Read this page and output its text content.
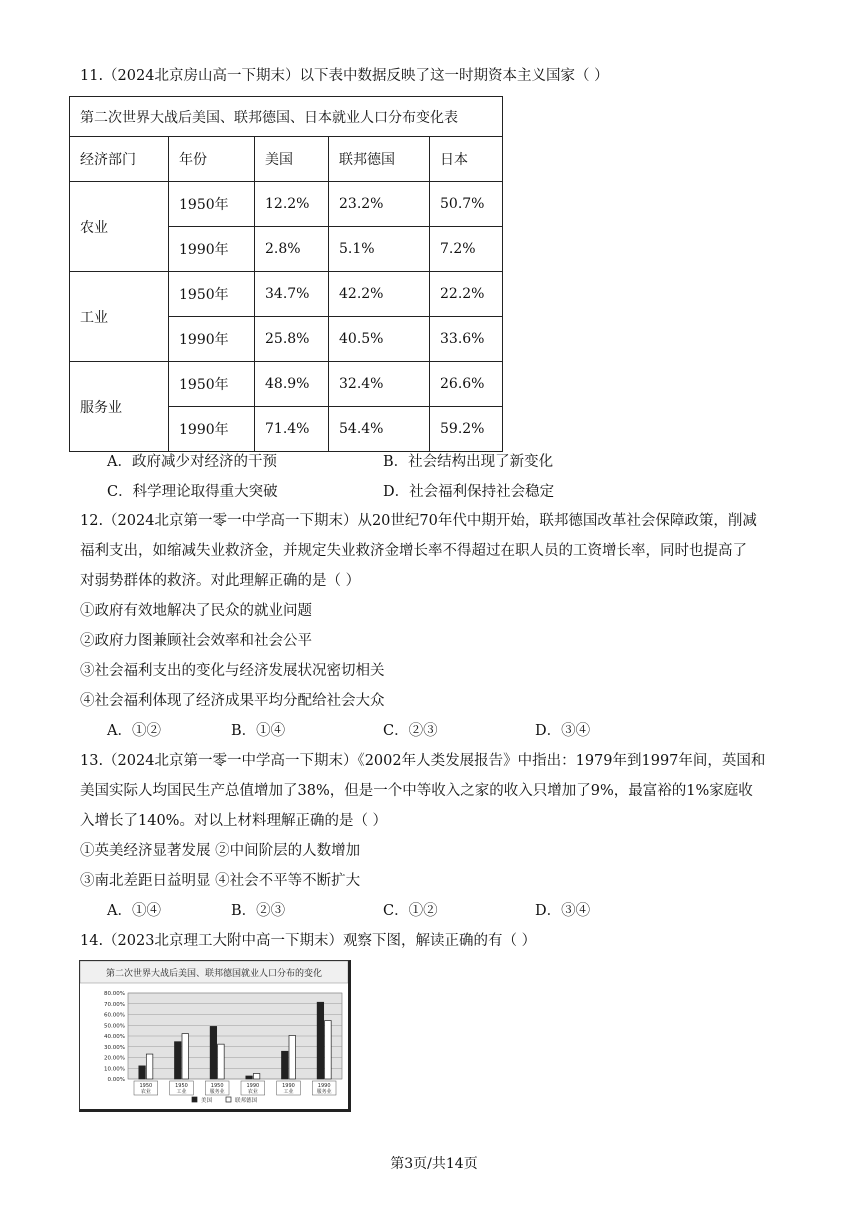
11.（2024北京房山高一下期末）以下表中数据反映了这一时期资本主义国家（ ）
第二次世界大战后美国、联邦德国、日本就业人口分布变化表				
经济部门	年份	美国	联邦德国	日本
农业	1950年	12.2%	23.2%	50.7%
	1990年	2.8%	5.1%	7.2%
工业	1950年	34.7%	42.2%	22.2%
	1990年	25.8%	40.5%	33.6%
服务业	1950年	48.9%	32.4%	26.6%
	1990年	71.4%	54.4%	59.2%
A．政府减少对经济的干预	B．社会结构出现了新变化
C．科学理论取得重大突破	D．社会福利保持社会稳定
12.（2024北京第一零一中学高一下期末）从20世纪70年代中期开始，联邦德国改革社会保障政策，削减
福利支出，如缩减失业救济金，并规定失业救济金增长率不得超过在职人员的工资增长率，同时也提高了
对弱势群体的救济。对此理解正确的是（ ）
①政府有效地解决了民众的就业问题
②政府力图兼顾社会效率和社会公平
③社会福利支出的变化与经济发展状况密切相关
④社会福利体现了经济成果平均分配给社会大众
A．①②	B．①④	C．②③	D．③④
13.（2024北京第一零一中学高一下期末）《2002年人类发展报告》中指出：1979年到1997年间，英国和
美国实际人均国民生产总值增加了38%，但是一个中等收入之家的收入只增加了9%，最富裕的1%家庭收
入增长了140%。对以上材料理解正确的是（ ）
①英美经济显著发展 ②中间阶层的人数增加
③南北差距日益明显 ④社会不平等不断扩大
A．①④	B．②③	C．①②	D．③④
14.（2023北京理工大附中高一下期末）观察下图，解读正确的有（ ）
第二次世界大战后美国、联邦德国就业人口分布的变化
0.00%
10.00%
20.00%
30.00%
40.00%
50.00%
60.00%
70.00%
80.00%
1950
农业
1950
工业
1950
服务业
1990
农业
1990
工业
1990
服务业
美国	联邦德国
第3页/共14页
